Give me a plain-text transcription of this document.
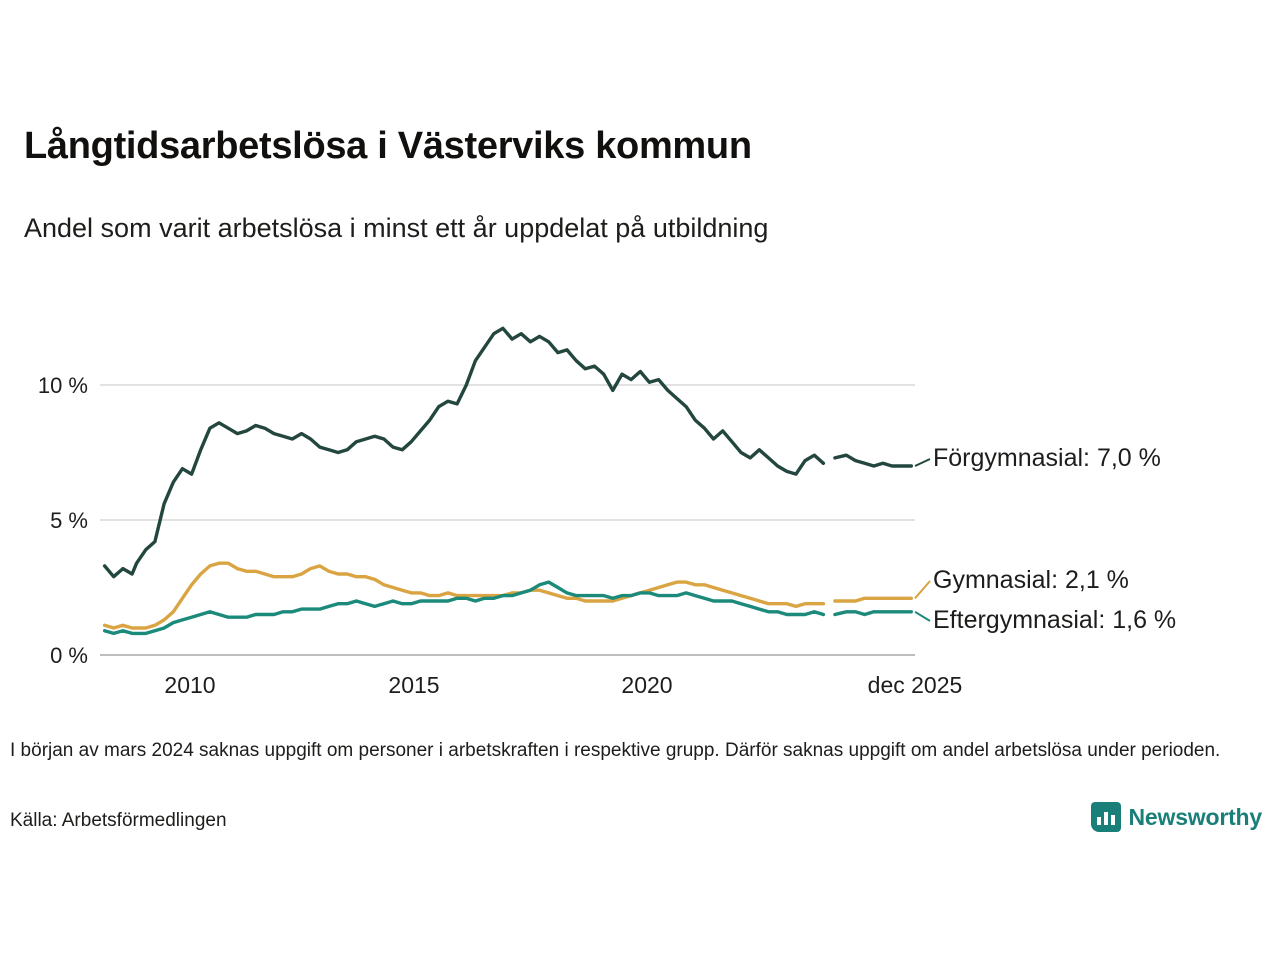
Långtidsarbetslösa i Västerviks kommun
Andel som varit arbetslösa i minst ett år uppdelat på utbildning
10 %
5 %
0 %
2010	2015	2020	dec 2025
Förgymnasial: 7,0 %
Gymnasial: 2,1 %
Eftergymnasial: 1,6 %
I början av mars 2024 saknas uppgift om personer i arbetskraften i respektive grupp. Därför saknas uppgift om andel arbetslösa under perioden.
Källa: Arbetsförmedlingen	Newsworthy
